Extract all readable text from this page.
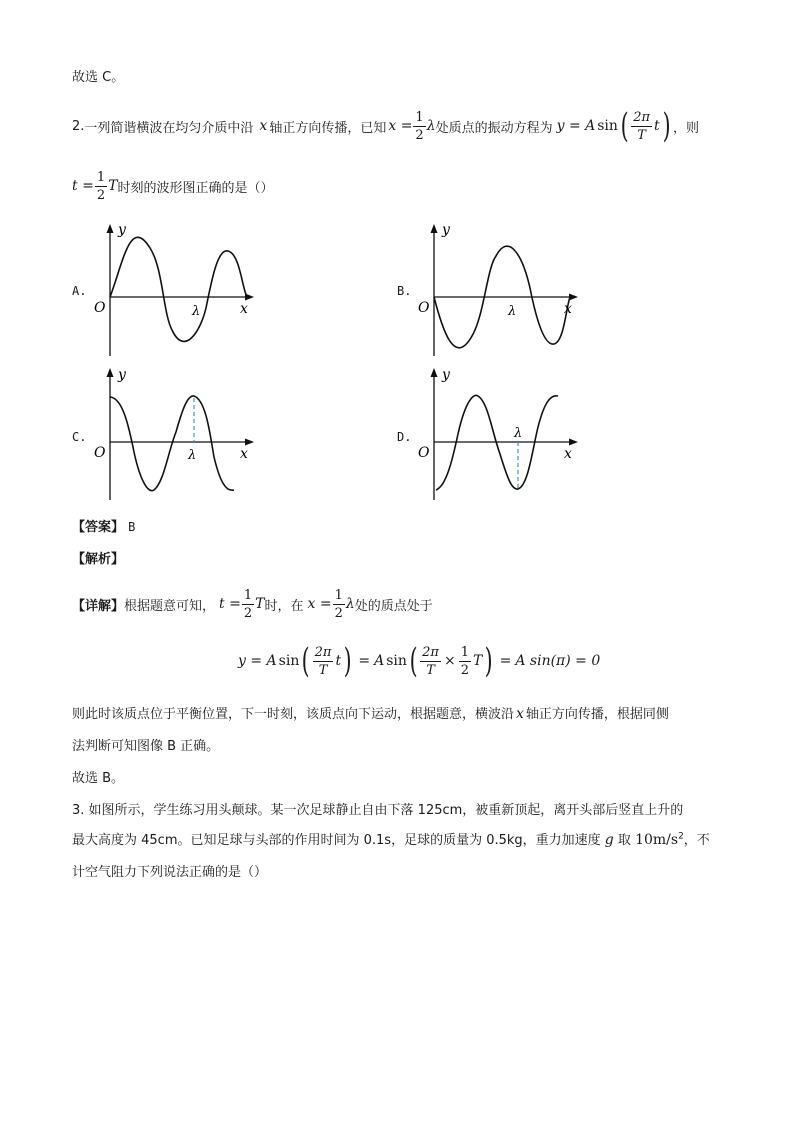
故选 C。
2. 一列简谐横波在均匀介质中沿 x 轴正方向传播，已知 $x = \frac{1}{2}$ λ 处质点的振动方程为 y = A sin ( $\frac{2\pi}{T}$ t ) ，则
$t = \frac{1}{2}$ T 时刻的波形图正确的是（）
A.
y
O	λ	x
B.
y
O	λ	x
C.
y
O	λ	x
D.
y
O
λ
x
【答案】 B
【解析】
【详解】 根据题意可知， $t = \frac{1}{2}$ T 时，在 $x = \frac{1}{2}$ λ 处的质点处于
y = A sin ( $\frac{2\pi}{T}$ t ) = A sin ( $\frac{2\pi}{T} \times \frac{1}{2}$ T ) = A sin(π) = 0
则此时该质点位于平衡位置，下一时刻，该质点向下运动，根据题意，横波沿 x 轴正方向传播，根据同侧
法判断可知图像 B 正确。
故选 B。
3. 如图所示，学生练习用头颠球。某一次足球静止自由下落 125cm，被重新顶起，离开头部后竖直上升的
最大高度为 45cm。已知足球与头部的作用时间为 0.1s，足球的质量为 0.5kg，重力加速度 g 取 $10m/s^2$，不
计空气阻力下列说法正确的是（）
